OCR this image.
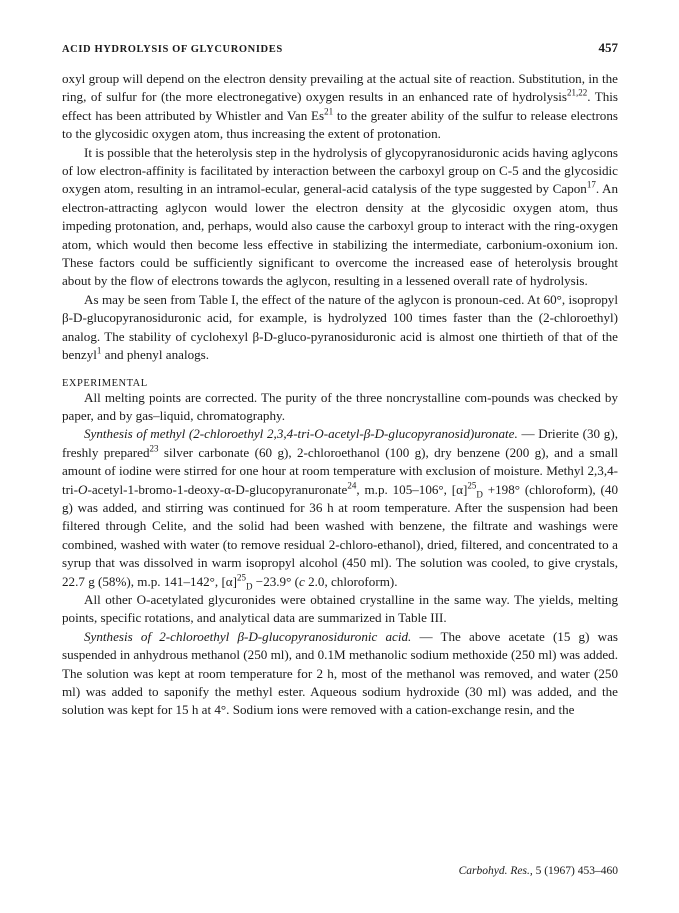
ACID HYDROLYSIS OF GLYCURONIDES	457

oxyl group will depend on the electron density prevailing at the actual site of reaction. Substitution, in the ring, of sulfur for (the more electronegative) oxygen results in an enhanced rate of hydrolysis$^{21,22}$. This effect has been attributed by Whistler and Van Es$^{21}$ to the greater ability of the sulfur to release electrons to the glycosidic oxygen atom, thus increasing the extent of protonation.

It is possible that the heterolysis step in the hydrolysis of glycopyranosiduronic acids having aglycons of low electron-affinity is facilitated by interaction between the carboxyl group on C-5 and the glycosidic oxygen atom, resulting in an intramol-ecular, general-acid catalysis of the type suggested by Capon$^{17}$. An electron-attracting aglycon would lower the electron density at the glycosidic oxygen atom, thus impeding protonation, and, perhaps, would also cause the carboxyl group to interact with the ring-oxygen atom, which would then become less effective in stabilizing the intermediate, carbonium-oxonium ion. These factors could be sufficiently significant to overcome the increased ease of heterolysis brought about by the flow of electrons towards the aglycon, resulting in a lessened overall rate of hydrolysis.

As may be seen from Table I, the effect of the nature of the aglycon is pronoun-ced. At 60°, isopropyl β-D-glucopyranosiduronic acid, for example, is hydrolyzed 100 times faster than the (2-chloroethyl) analog. The stability of cyclohexyl β-D-gluco-pyranosiduronic acid is almost one thirtieth of that of the benzyl$^1$ and phenyl analogs.

EXPERIMENTAL

All melting points are corrected. The purity of the three noncrystalline com-pounds was checked by paper, and by gas–liquid, chromatography.

Synthesis of methyl (2-chloroethyl 2,3,4-tri-O-acetyl-β-D-glucopyranosid)uronate. — Drierite (30 g), freshly prepared$^{23}$ silver carbonate (60 g), 2-chloroethanol (100 g), dry benzene (200 g), and a small amount of iodine were stirred for one hour at room temperature with exclusion of moisture. Methyl 2,3,4-tri-O-acetyl-1-bromo-1-deoxy-α-D-glucopyranuronate$^{24}$, m.p. 105–106°, $[\alpha]^{25}_D +198^\circ$ (chloroform), (40 g) was added, and stirring was continued for 36 h at room temperature. After the suspension had been filtered through Celite, and the solid had been washed with benzene, the filtrate and washings were combined, washed with water (to remove residual 2-chloro-ethanol), dried, filtered, and concentrated to a syrup that was dissolved in warm isopropyl alcohol (450 ml). The solution was cooled, to give crystals, 22.7 g (58%), m.p. 141–142°, $[\alpha]^{25}_D -23.9^\circ$ (c 2.0, chloroform).

All other O-acetylated glycuronides were obtained crystalline in the same way. The yields, melting points, specific rotations, and analytical data are summarized in Table III.

Synthesis of 2-chloroethyl β-D-glucopyranosiduronic acid. — The above acetate (15 g) was suspended in anhydrous methanol (250 ml), and 0.1M methanolic sodium methoxide (250 ml) was added. The solution was kept at room temperature for 2 h, most of the methanol was removed, and water (250 ml) was added to saponify the methyl ester. Aqueous sodium hydroxide (30 ml) was added, and the solution was kept for 15 h at 4°. Sodium ions were removed with a cation-exchange resin, and the

Carbohyd. Res., 5 (1967) 453–460
